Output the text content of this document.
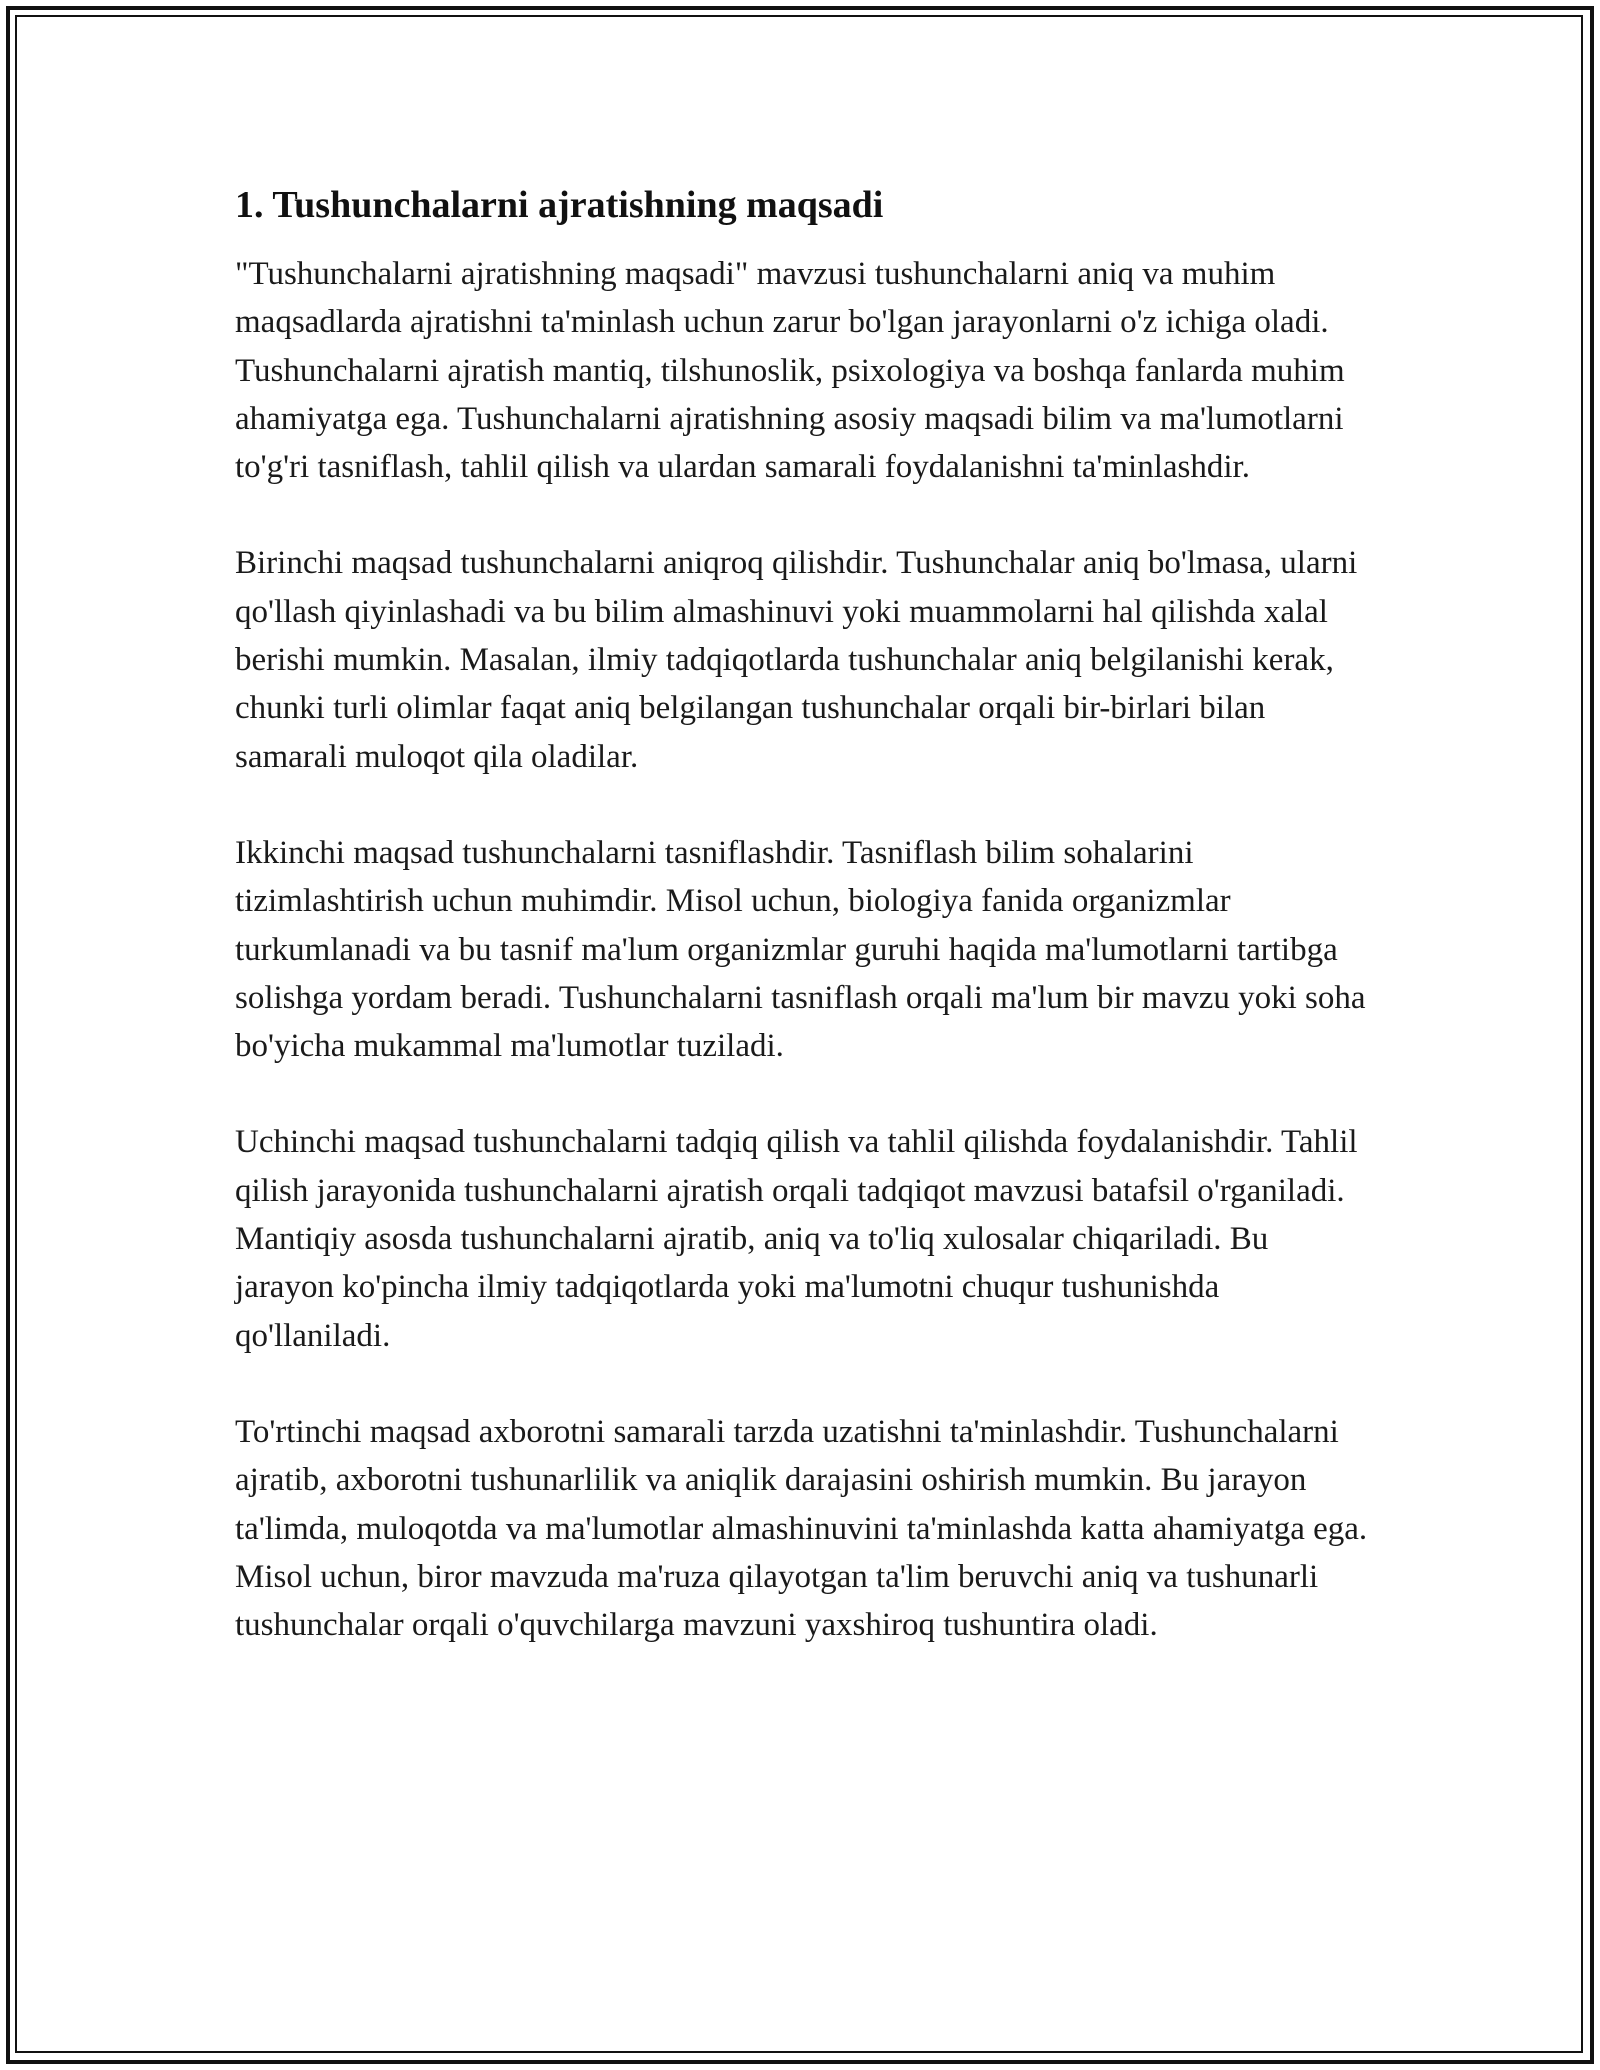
1. Tushunchalarni ajratishning maqsadi

"Tushunchalarni ajratishning maqsadi" mavzusi tushunchalarni aniq va muhim maqsadlarda ajratishni ta'minlash uchun zarur bo'lgan jarayonlarni o'z ichiga oladi. Tushunchalarni ajratish mantiq, tilshunoslik, psixologiya va boshqa fanlarda muhim ahamiyatga ega. Tushunchalarni ajratishning asosiy maqsadi bilim va ma'lumotlarni to'g'ri tasniflash, tahlil qilish va ulardan samarali foydalanishni ta'minlashdir.

Birinchi maqsad tushunchalarni aniqroq qilishdir. Tushunchalar aniq bo'lmasa, ularni qo'llash qiyinlashadi va bu bilim almashinuvi yoki muammolarni hal qilishda xalal berishi mumkin. Masalan, ilmiy tadqiqotlarda tushunchalar aniq belgilanishi kerak, chunki turli olimlar faqat aniq belgilangan tushunchalar orqali bir-birlari bilan samarali muloqot qila oladilar.

Ikkinchi maqsad tushunchalarni tasniflashdir. Tasniflash bilim sohalarini tizimlashtirish uchun muhimdir. Misol uchun, biologiya fanida organizmlar turkumlanadi va bu tasnif ma'lum organizmlar guruhi haqida ma'lumotlarni tartibga solishga yordam beradi. Tushunchalarni tasniflash orqali ma'lum bir mavzu yoki soha bo'yicha mukammal ma'lumotlar tuziladi.

Uchinchi maqsad tushunchalarni tadqiq qilish va tahlil qilishda foydalanishdir. Tahlil qilish jarayonida tushunchalarni ajratish orqali tadqiqot mavzusi batafsil o'rganiladi. Mantiqiy asosda tushunchalarni ajratib, aniq va to'liq xulosalar chiqariladi. Bu jarayon ko'pincha ilmiy tadqiqotlarda yoki ma'lumotni chuqur tushunishda qo'llaniladi.

To'rtinchi maqsad axborotni samarali tarzda uzatishni ta'minlashdir. Tushunchalarni ajratib, axborotni tushunarlilik va aniqlik darajasini oshirish mumkin. Bu jarayon ta'limda, muloqotda va ma'lumotlar almashinuvini ta'minlashda katta ahamiyatga ega. Misol uchun, biror mavzuda ma'ruza qilayotgan ta'lim beruvchi aniq va tushunarli tushunchalar orqali o'quvchilarga mavzuni yaxshiroq tushuntira oladi.
